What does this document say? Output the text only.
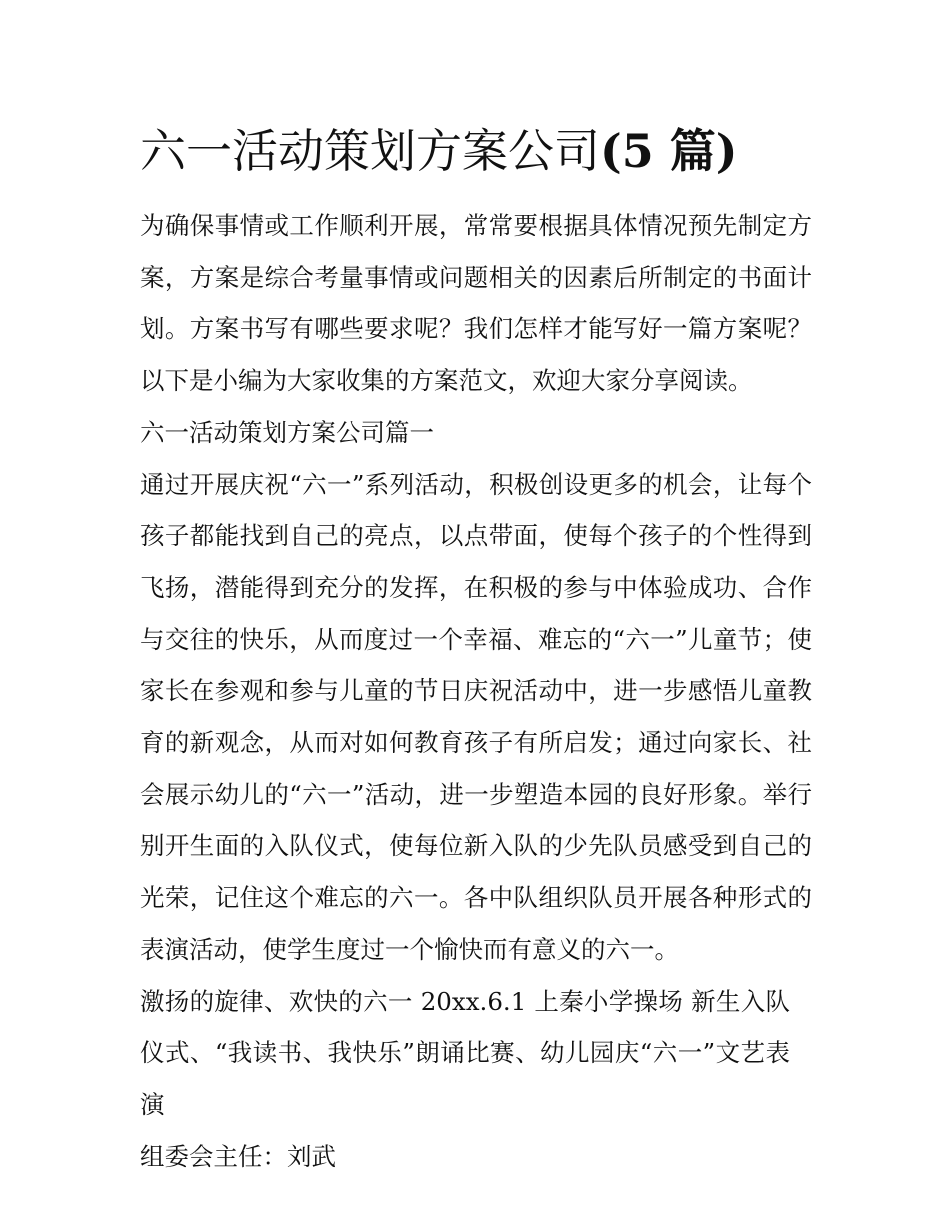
六一活动策划方案公司(5 篇)

为确保事情或工作顺利开展，常常要根据具体情况预先制定方案，方案是综合考量事情或问题相关的因素后所制定的书面计划。方案书写有哪些要求呢？我们怎样才能写好一篇方案呢？以下是小编为大家收集的方案范文，欢迎大家分享阅读。

六一活动策划方案公司篇一

通过开展庆祝“六一”系列活动，积极创设更多的机会，让每个孩子都能找到自己的亮点，以点带面，使每个孩子的个性得到飞扬，潜能得到充分的发挥，在积极的参与中体验成功、合作与交往的快乐，从而度过一个幸福、难忘的“六一”儿童节；使家长在参观和参与儿童的节日庆祝活动中，进一步感悟儿童教育的新观念，从而对如何教育孩子有所启发；通过向家长、社会展示幼儿的“六一”活动，进一步塑造本园的良好形象。举行别开生面的入队仪式，使每位新入队的少先队员感受到自己的光荣，记住这个难忘的六一。各中队组织队员开展各种形式的表演活动，使学生度过一个愉快而有意义的六一。

激扬的旋律、欢快的六一 20xx.6.1 上秦小学操场 新生入队仪式、“我读书、我快乐”朗诵比赛、幼儿园庆“六一”文艺表演

组委会主任：刘武
